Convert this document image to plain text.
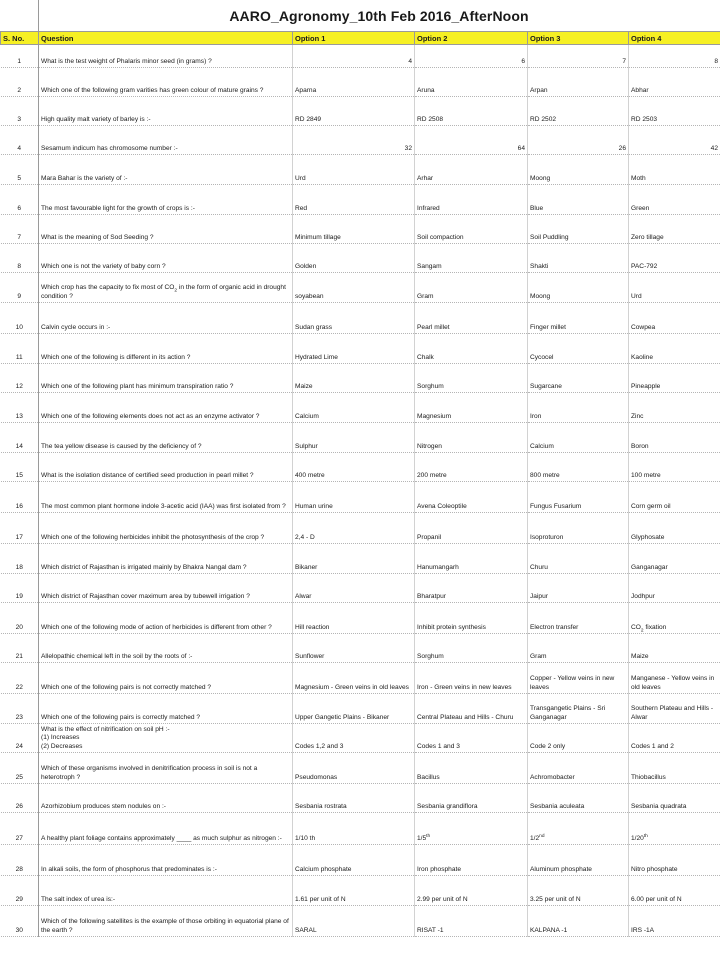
AARO_Agronomy_10th Feb 2016_AfterNoon
S. No.	Question	Option 1	Option 2	Option 3	Option 4
1	What is the test weight of Phalaris minor seed (in grams) ?	4	6	7	8
2	Which one of the following gram varities has green colour of mature grains ?	Aparna	Aruna	Arpan	Abhar
3	High quality malt variety of barley is :-	RD 2849	RD 2508	RD 2502	RD 2503
4	Sesamum indicum has chromosome number :-	32	64	26	42
5	Mara Bahar is the variety of :-	Urd	Arhar	Moong	Moth
6	The most favourable light for the growth of crops is :-	Red	Infrared	Blue	Green
7	What is the meaning of Sod Seeding ?	Minimum tillage	Soil compaction	Soil Puddling	Zero tillage
8	Which one is not the variety of baby corn ?	Golden	Sangam	Shakti	PAC-792
9	Which crop has the capacity to fix most of $CO_2$ in the form of organic acid in drought condition ?	soyabean	Gram	Moong	Urd
10	Calvin cycle occurs in :-	Sudan grass	Pearl millet	Finger millet	Cowpea
11	Which one of the following is different in its action ?	Hydrated Lime	Chalk	Cycocel	Kaoline
12	Which one of the following plant has minimum transpiration ratio ?	Maize	Sorghum	Sugarcane	Pineapple
13	Which one of the following elements does not act as an enzyme activator ?	Calcium	Magnesium	Iron	Zinc
14	The tea yellow disease is caused by the deficiency of ?	Sulphur	Nitrogen	Calcium	Boron
15	What is the isolation distance of certified seed production in pearl millet ?	400 metre	200 metre	800 metre	100 metre
16	The most common plant hormone indole 3-acetic acid (IAA) was first isolated from ?	Human urine	Avena Coleoptile	Fungus Fusarium	Corn germ oil
17	Which one of the following herbicides inhibit the photosynthesis of the crop ?	2,4 - D	Propanil	Isoproturon	Glyphosate
18	Which district of Rajasthan is irrigated mainly by Bhakra Nangal dam ?	Bikaner	Hanumangarh	Churu	Ganganagar
19	Which district of Rajasthan cover maximum area by tubewell irrigation ?	Alwar	Bharatpur	Jaipur	Jodhpur
20	Which one of the following mode of action of herbicides is different from other ?	Hill reaction	Inhibit protein synthesis	Electron transfer	$CO_2$ fixation
21	Allelopathic chemical left in the soil by the roots of :-	Sunflower	Sorghum	Gram	Maize
22	Which one of the following pairs is not correctly matched ?	Magnesium - Green veins in old leaves	Iron - Green veins in new leaves	Copper - Yellow veins in new leaves	Manganese - Yellow veins in old leaves
23	Which one of the following pairs is correctly matched ?	Upper Gangetic Plains - Bikaner	Central Plateau and Hills - Churu	Transgangetic Plains - Sri Ganganagar	Southern Plateau and Hills - Alwar
24	What is the effect of nitrification on soil pH :-
(1) Increases
(2) Decreases	Codes 1,2 and 3	Codes 1 and 3	Code 2 only	Codes 1 and 2
25	Which of these organisms involved in denitrification process in soil is not a heterotroph ?	Pseudomonas	Bacillus	Achromobacter	Thiobacillus
26	Azorhizobium produces stem nodules on :-	Sesbania rostrata	Sesbania grandiflora	Sesbania aculeata	Sesbania quadrata
27	A healthy plant foliage contains approximately ____ as much sulphur as nitrogen :-	1/10 th	1/5th	1/2nd	1/20th
28	In alkali soils, the form of phosphorus that predominates is :-	Calcium phosphate	Iron phosphate	Aluminum phosphate	Nitro phosphate
29	The salt index of urea is:-	1.61 per unit of N	2.99 per unit of N	3.25 per unit of N	6.00 per unit of N
30	Which of the following satellites is the example of those orbiting in equatorial plane of the earth ?	SARAL	RISAT -1	KALPANA -1	IRS -1A
